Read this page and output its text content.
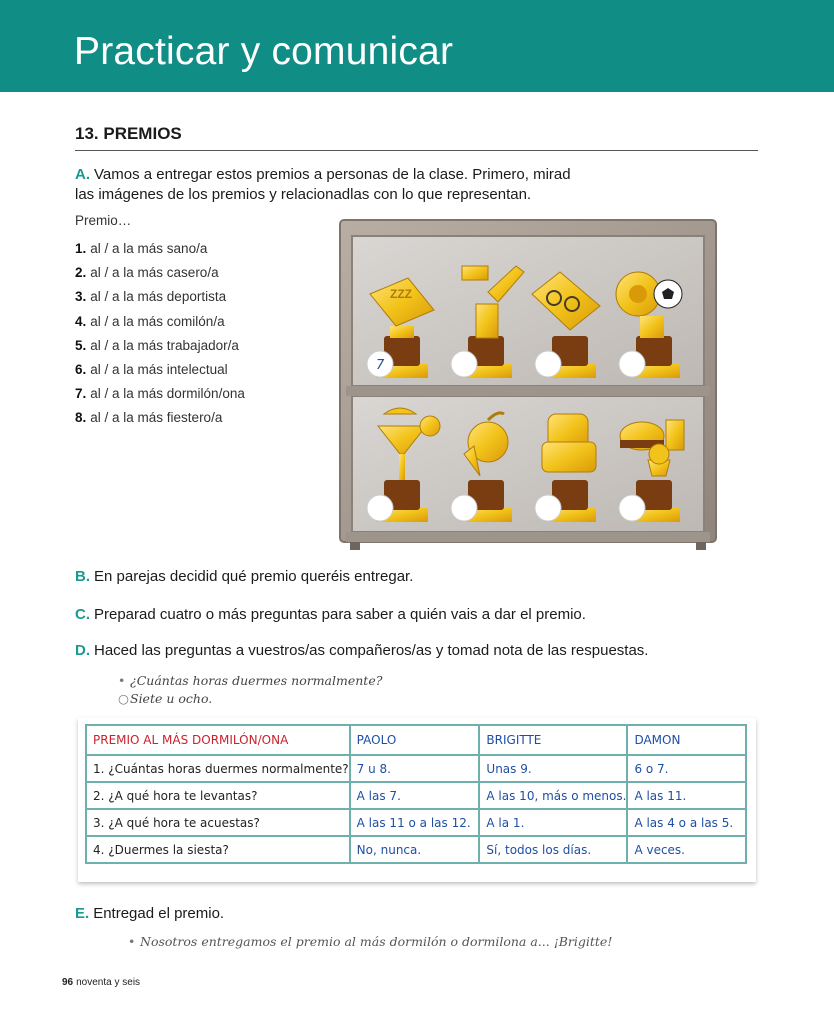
Practicar y comunicar
13. PREMIOS

A. Vamos a entregar estos premios a personas de la clase. Primero, mirad
las imágenes de los premios y relacionadlas con lo que representan.

Premio…
1. al / a la más sano/a
2. al / a la más casero/a
3. al / a la más deportista
4. al / a la más comilón/a
5. al / a la más trabajador/a
6. al / a la más intelectual
7. al / a la más dormilón/ona
8. al / a la más fiestero/a
ZZZ
7

B. En parejas decidid qué premio queréis entregar.

C. Preparad cuatro o más preguntas para saber a quién vais a dar el premio.

D. Haced las preguntas a vuestros/as compañeros/as y tomad nota de las respuestas.

• ¿Cuántas horas duermes normalmente?
○Siete u ocho.
PREMIO AL MÁS DORMILÓN/ONA	PAOLO	BRIGITTE	DAMON
1. ¿Cuántas horas duermes normalmente?	7 u 8.	Unas 9.	6 o 7.
2. ¿A qué hora te levantas?	A las 7.	A las 10, más o menos.	A las 11.
3. ¿A qué hora te acuestas?	A las 11 o a las 12.	A la 1.	A las 4 o a las 5.
4. ¿Duermes la siesta?	No, nunca.	Sí, todos los días.	A veces.

E. Entregad el premio.

• Nosotros entregamos el premio al más dormilón o dormilona a... ¡Brigitte!
96 noventa y seis
